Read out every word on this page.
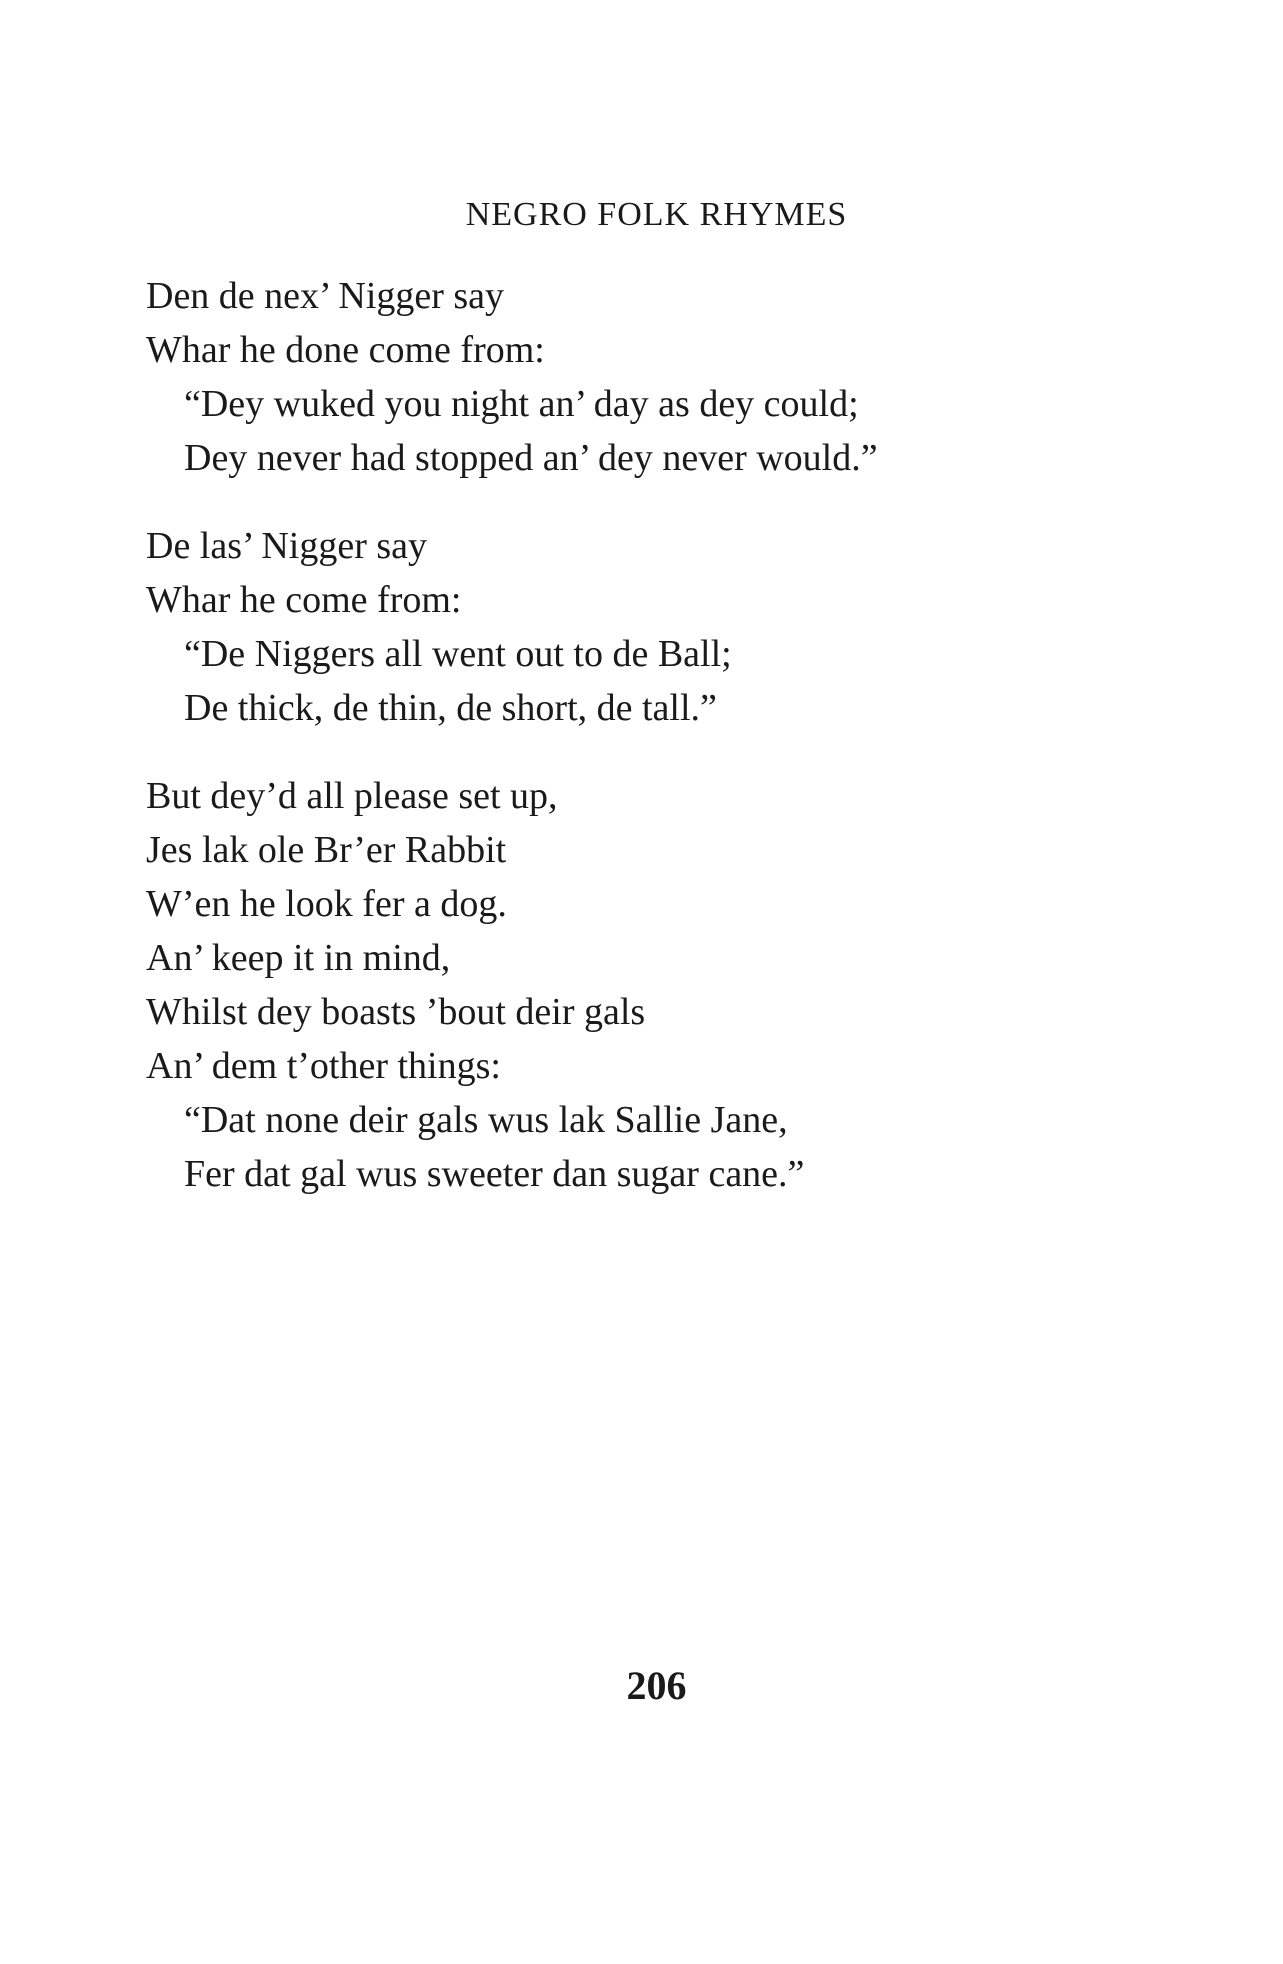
NEGRO FOLK RHYMES
Den de nex’ Nigger say
Whar he done come from:
“Dey wuked you night an’ day as dey could;
Dey never had stopped an’ dey never would.”
De las’ Nigger say
Whar he come from:
“De Niggers all went out to de Ball;
De thick, de thin, de short, de tall.”
But dey’d all please set up,
Jes lak ole Br’er Rabbit
W’en he look fer a dog.
An’ keep it in mind,
Whilst dey boasts ’bout deir gals
An’ dem t’other things:
“Dat none deir gals wus lak Sallie Jane,
Fer dat gal wus sweeter dan sugar cane.”
206
